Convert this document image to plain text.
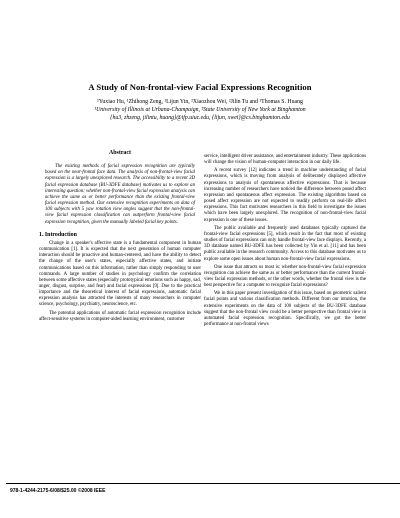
A Study of Non-frontal-view Facial Expressions Recognition
¹Yuxiao Hu, ¹Zhihong Zeng, ¹Lijun Yin, ²Xiaozhou Wei, ²Jilin Tu and ¹Thomas S. Huang
¹University of Illinois at Urbana-Champaign, ²State University of New York at Binghamton
{hu3, zhzeng, jilintu, huang}@ifp.uiuc.edu, {lijun, xwei}@cs.binghamton.edu
Abstract

The existing methods of facial expression recognition are typically based on the near-frontal face data. The analysis of non-frontal-view facial expression is a largely unexplored research. The accessibility to a recent 3D facial expression database (BU-3DFE database) motivates us to explore an interesting question: whether non-frontal-view facial expression analysis can achieve the same as or better performance than the existing frontal-view facial expression method. Our extensive recognition experiments on data of 100 subjects with 5 yaw rotation view angles suggest that the non-frontal-view facial expression classification can outperform frontal-view facial expression recognition, given the manually labeled facial key points.

1. Introduction

Change in a speaker's affective state is a fundamental component in human communication [1]. It is expected that the next generation of human computer interaction should be proactive and human-centered, and have the ability to detect the change of the user's states, especially affective states, and initiate communications based on this information, rather than simply responding to user commands. A large number of studies in psychology confirm the correlation between some affective states (especially prototypical emotions such as happy, sad, anger, disgust, surprise, and fear) and facial expressions [9]. Due to the practical importance and the theoretical interest of facial expressions, automatic facial expression analysis has attracted the interests of many researchers in computer science, psychology, psychiatry, neuroscience, etc.

The potential applications of automatic facial expression recognition include affect-sensitive systems in computer-aided learning environment, customer

service, intelligent driver assistance, and entertainment industry. These applications will change the vision of human-computer interaction in our daily life.

A recent survey [12] indicates a trend in machine understanding of facial expressions, which is moving from analysis of deliberately displayed affective expressions to analysis of spontaneous affective expressions. That is because increasing number of researchers have noticed the difference between posed affect expression and spontaneous affect expression. The existing algorithms based on posed affect expression are not expected to readily perform on real-life affect expressions. This fact motivates researchers in this field to investigate the issues which have been largely unexplored. The recognition of non-frontal-view facial expression is one of these issues.

The public available and frequently used databases typically captured the frontal-view facial expressions [5], which result in the fact that most of existing studies of facial expressions can only handle frontal-view face displays. Recently, a 3D database named BU-3DFE has been collected by Yin et al. [11] and has been public available in the research community. Access to this database motivates us to explore some open issues about human non-frontal-view facial expressions.

One issue that attracts us most is: whether non-frontal-view facial expression recognition can achieve the same as or better performance than the current frontal-view facial expression methods, or the other words, whether the frontal view is the best perspective for a computer to recognize facial expressions?

We in this paper present investigation of this issue, based on geometric salient facial points and various classification methods. Different from our intuition, the extensive experiments on the data of 100 subjects of the BU-3DFE database suggest that the non-frontal view could be a better perspective than frontal view in automated facial expression recognition. Specifically, we got the better performance at non-frontal views

978-1-4244-2175-6/08/$25.00 ©2008 IEEE
